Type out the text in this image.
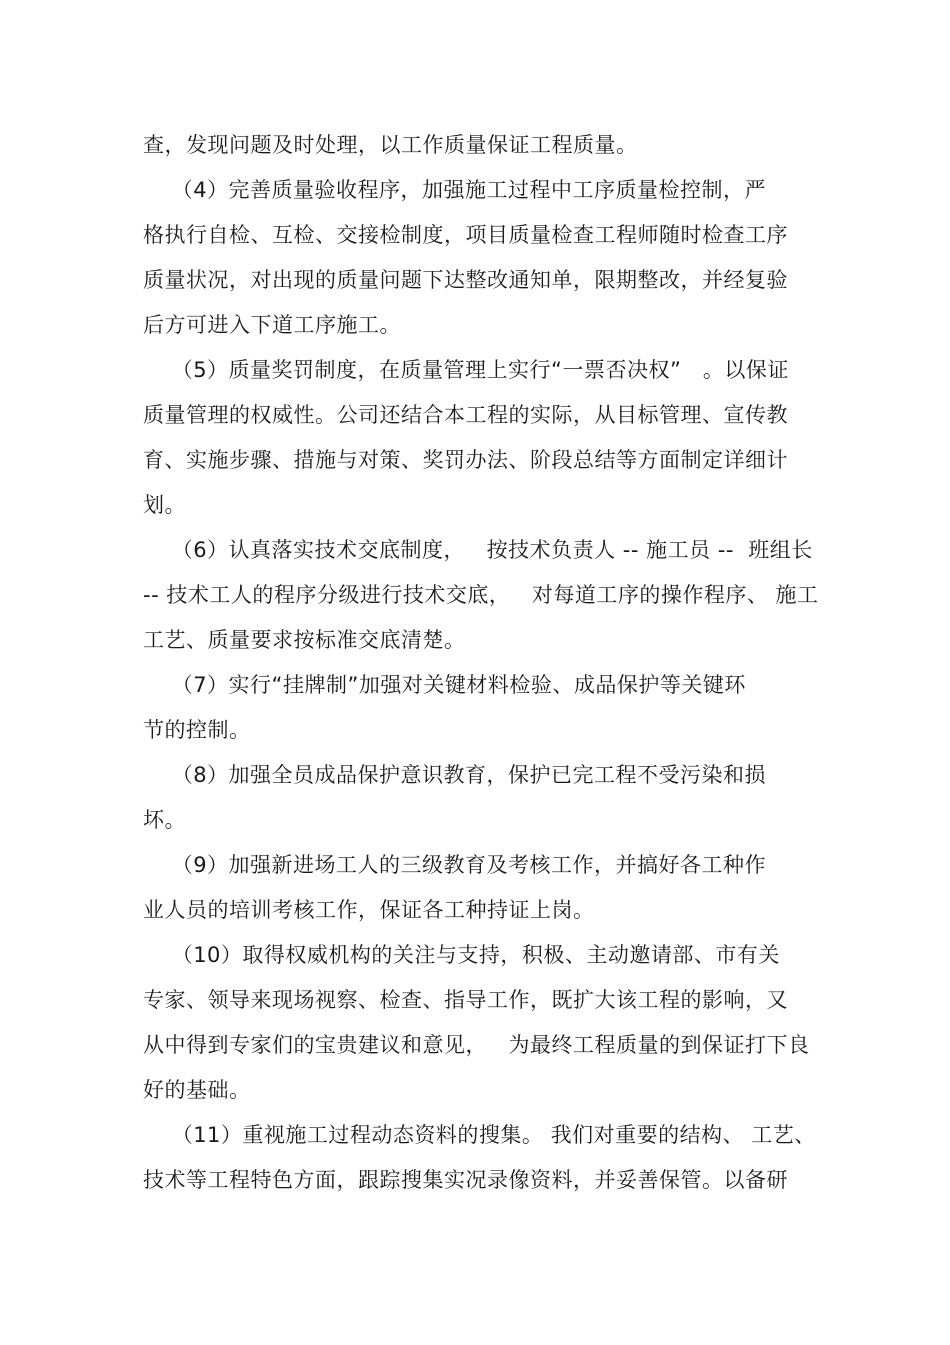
查，发现问题及时处理，以工作质量保证工程质量。

（4）完善质量验收程序，加强施工过程中工序质量检控制，严

格执行自检、互检、交接检制度，项目质量检查工程师随时检查工序

质量状况，对出现的质量问题下达整改通知单，限期整改，并经复验

后方可进入下道工序施工。

（5）质量奖罚制度，在质量管理上实行“一票否决权”   。以保证

质量管理的权威性。公司还结合本工程的实际，从目标管理、宣传教

育、实施步骤、措施与对策、奖罚办法、阶段总结等方面制定详细计

划。

（6）认真落实技术交底制度，   按技术负责人 -- 施工员 --  班组长

-- 技术工人的程序分级进行技术交底，   对每道工序的操作程序、 施工

工艺、质量要求按标准交底清楚。

（7）实行“挂牌制”加强对关键材料检验、成品保护等关键环

节的控制。

（8）加强全员成品保护意识教育，保护已完工程不受污染和损

坏。

（9）加强新进场工人的三级教育及考核工作，并搞好各工种作

业人员的培训考核工作，保证各工种持证上岗。

（10）取得权威机构的关注与支持，积极、主动邀请部、市有关

专家、领导来现场视察、检查、指导工作，既扩大该工程的影响，又

从中得到专家们的宝贵建议和意见，   为最终工程质量的到保证打下良

好的基础。

（11）重视施工过程动态资料的搜集。 我们对重要的结构、 工艺、

技术等工程特色方面，跟踪搜集实况录像资料，并妥善保管。以备研
